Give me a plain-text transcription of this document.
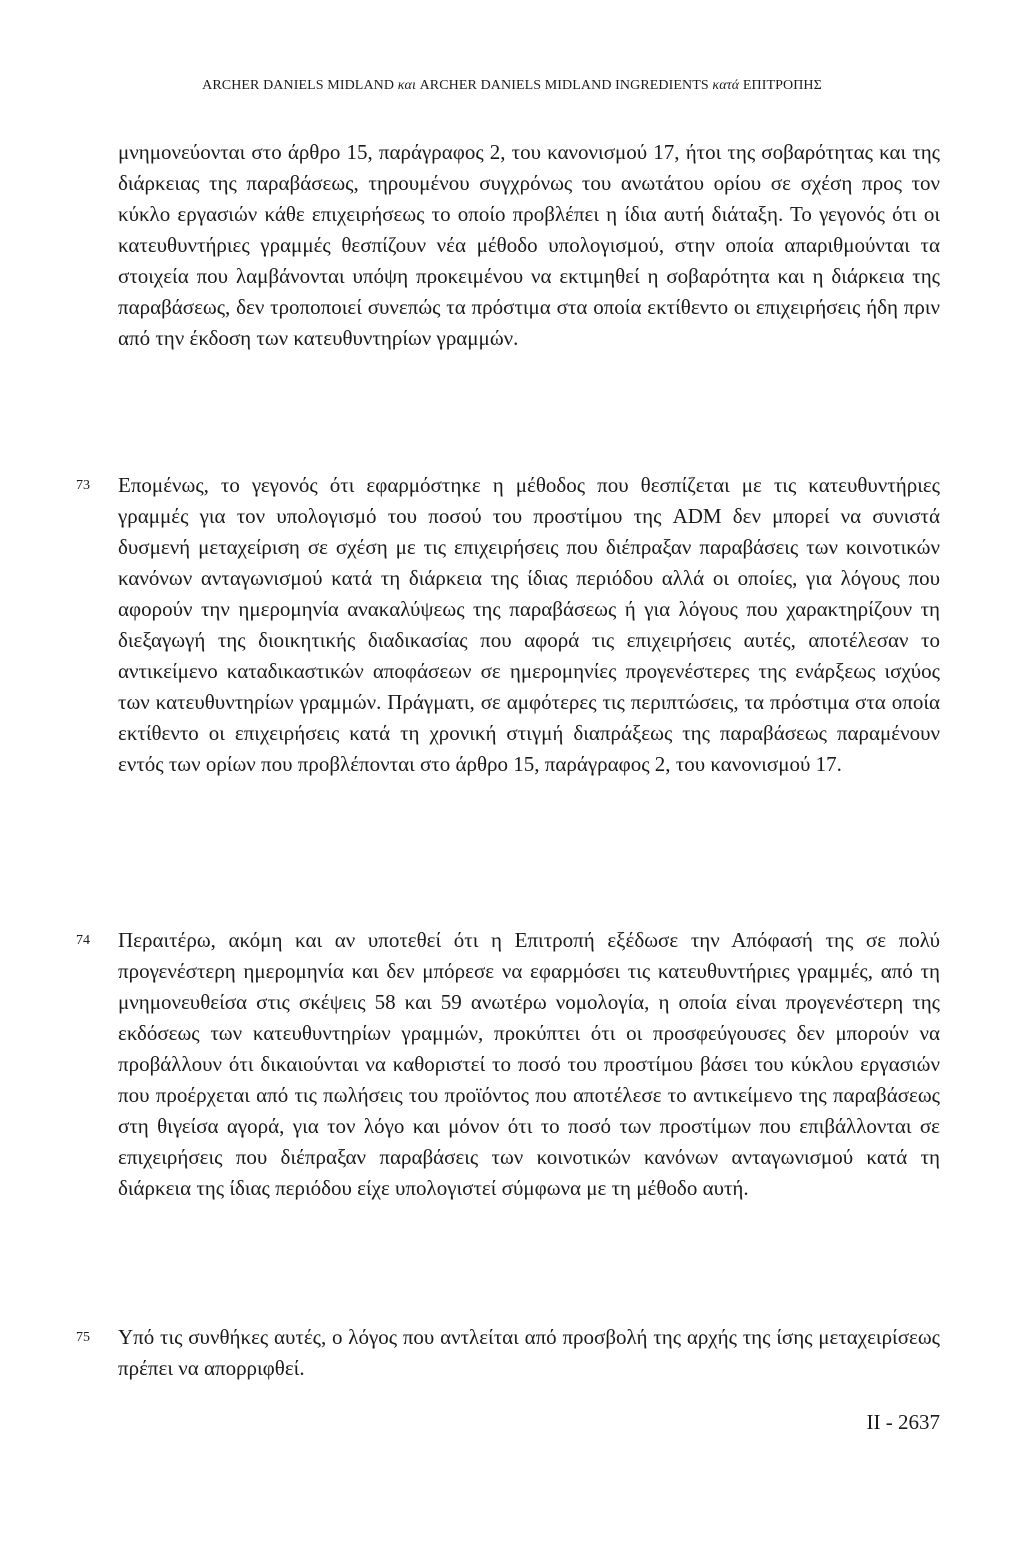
ARCHER DANIELS MIDLAND και ARCHER DANIELS MIDLAND INGREDIENTS κατά ΕΠΙΤΡΟΠΗΣ

μνημονεύονται στο άρθρο 15, παράγραφος 2, του κανονισμού 17, ήτοι της σοβαρότητας και της διάρκειας της παραβάσεως, τηρουμένου συγχρόνως του ανωτάτου ορίου σε σχέση προς τον κύκλο εργασιών κάθε επιχειρήσεως το οποίο προβλέπει η ίδια αυτή διάταξη. Το γεγονός ότι οι κατευθυντήριες γραμμές θεσπίζουν νέα μέθοδο υπολογισμού, στην οποία απαριθμούνται τα στοιχεία που λαμβάνονται υπόψη προκειμένου να εκτιμηθεί η σοβαρότητα και η διάρκεια της παραβάσεως, δεν τροποποιεί συνεπώς τα πρόστιμα στα οποία εκτίθεντο οι επιχειρήσεις ήδη πριν από την έκδοση των κατευθυντηρίων γραμμών.

73 Επομένως, το γεγονός ότι εφαρμόστηκε η μέθοδος που θεσπίζεται με τις κατευθυντήριες γραμμές για τον υπολογισμό του ποσού του προστίμου της ADM δεν μπορεί να συνιστά δυσμενή μεταχείριση σε σχέση με τις επιχειρήσεις που διέπραξαν παραβάσεις των κοινοτικών κανόνων ανταγωνισμού κατά τη διάρκεια της ίδιας περιόδου αλλά οι οποίες, για λόγους που αφορούν την ημερομηνία ανακαλύψεως της παραβάσεως ή για λόγους που χαρακτηρίζουν τη διεξαγωγή της διοικητικής διαδικασίας που αφορά τις επιχειρήσεις αυτές, αποτέλεσαν το αντικείμενο καταδικαστικών αποφάσεων σε ημερομηνίες προγενέστερες της ενάρξεως ισχύος των κατευθυντηρίων γραμμών. Πράγματι, σε αμφότερες τις περιπτώσεις, τα πρόστιμα στα οποία εκτίθεντο οι επιχειρήσεις κατά τη χρονική στιγμή διαπράξεως της παραβάσεως παραμένουν εντός των ορίων που προβλέπονται στο άρθρο 15, παράγραφος 2, του κανονισμού 17.

74 Περαιτέρω, ακόμη και αν υποτεθεί ότι η Επιτροπή εξέδωσε την Απόφασή της σε πολύ προγενέστερη ημερομηνία και δεν μπόρεσε να εφαρμόσει τις κατευθυντήριες γραμμές, από τη μνημονευθείσα στις σκέψεις 58 και 59 ανωτέρω νομολογία, η οποία είναι προγενέστερη της εκδόσεως των κατευθυντηρίων γραμμών, προκύπτει ότι οι προσφεύγουσες δεν μπορούν να προβάλλουν ότι δικαιούνται να καθοριστεί το ποσό του προστίμου βάσει του κύκλου εργασιών που προέρχεται από τις πωλήσεις του προϊόντος που αποτέλεσε το αντικείμενο της παραβάσεως στη θιγείσα αγορά, για τον λόγο και μόνον ότι το ποσό των προστίμων που επιβάλλονται σε επιχειρήσεις που διέπραξαν παραβάσεις των κοινοτικών κανόνων ανταγωνισμού κατά τη διάρκεια της ίδιας περιόδου είχε υπολογιστεί σύμφωνα με τη μέθοδο αυτή.

75 Υπό τις συνθήκες αυτές, ο λόγος που αντλείται από προσβολή της αρχής της ίσης μεταχειρίσεως πρέπει να απορριφθεί.

II - 2637
